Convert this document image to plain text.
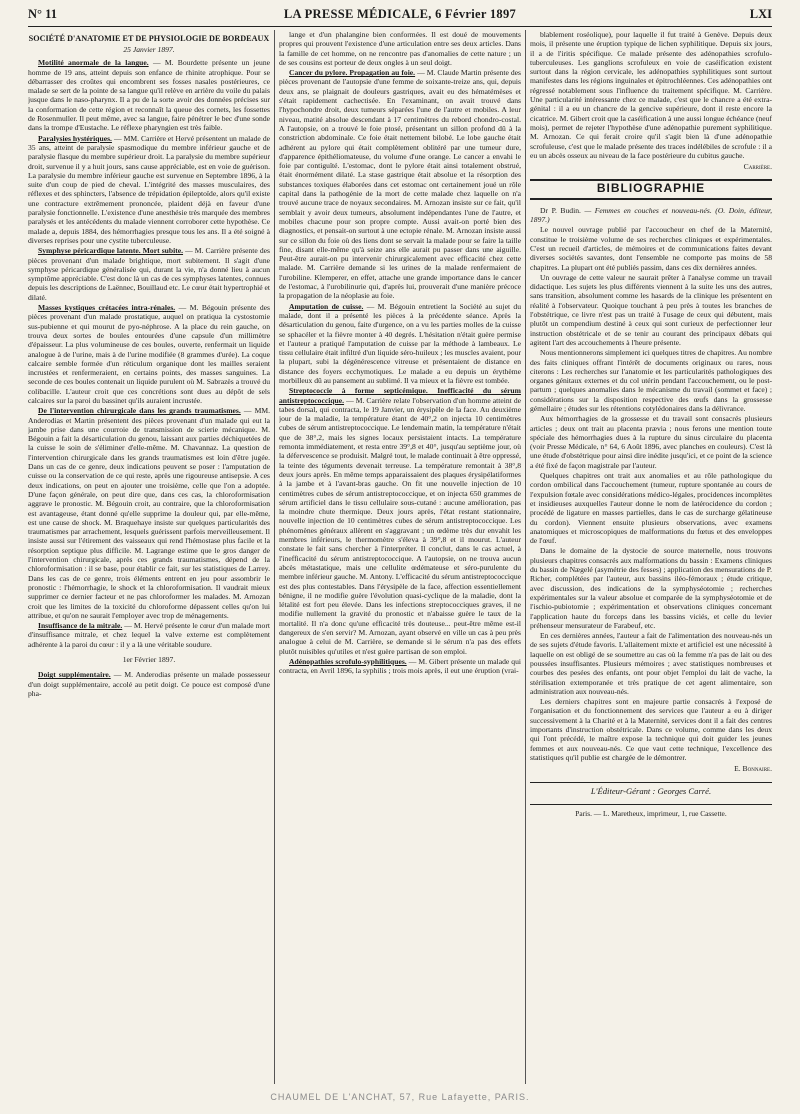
N° 11	LA PRESSE MÉDICALE, 6 Février 1897	LXI

SOCIÉTÉ D'ANATOMIE ET DE PHYSIOLOGIE DE BORDEAUX

25 Janvier 1897.

Motilité anormale de la langue. — M. Bourdette présente un jeune homme de 19 ans, atteint depuis son enfance de rhinite atrophique. Pour se débarrasser des croûtes qui encombrent ses fosses nasales postérieures, ce malade se sert de la pointe de sa langue qu'il relève en arrière du voile du palais jusque dans le naso-pharynx. Il a pu de la sorte avoir des données précises sur la conformation de cette région et reconnaît la queue des cornets, les fossettes de Rosenmuller. Il peut même, avec sa langue, faire pénétrer le bec d'une sonde dans la trompe d'Eustache. Le réflexe pharyngien est très faible.

Paralysies hystériques. — MM. Carrière et Hervé présentent un malade de 35 ans, atteint de paralysie spasmodique du membre inférieur gauche et de paralysie flasque du membre supérieur droit. La paralysie du membre supérieur droit, survenue il y a huit jours, sans cause appréciable, est en voie de guérison. La paralysie du membre inférieur gauche est survenue en Septembre 1896, à la suite d'un coup de pied de cheval. L'intégrité des masses musculaires, des réflexes et des sphincters, l'absence de trépidation épileptoïde, alors qu'il existe une contracture extrêmement prononcée, plaident déjà en faveur d'une paralysie fonctionnelle. L'existence d'une anesthésie très marquée des membres paralysés et les antécédents du malade viennent corroborer cette hypothèse. Ce malade a, depuis 1884, des hémorrhagies presque tous les ans. Il a été soigné à diverses reprises pour une cystite tuberculeuse.

Symphyse péricardique latente. Mort subite. — M. Carrière présente des pièces provenant d'un malade brightique, mort subitement. Il s'agit d'une symphyse péricardique généralisée qui, durant la vie, n'a donné lieu à aucun symptôme appréciable. C'est donc là un cas de ces symphyses latentes, connues depuis les descriptions de Laënnec, Bouillaud etc. Le cœur était hypertrophié et dilaté.

Masses kystiques crétacées intra-rénales. — M. Bégouin présente des pièces provenant d'un malade prostatique, auquel on pratiqua la cystostomie sus-pubienne et qui mourut de pyo-néphrose. A la place du rein gauche, on trouva deux sortes de boules entourées d'une capsule d'un millimètre d'épaisseur. La plus volumineuse de ces boules, ouverte, renfermait un liquide analogue à de l'urine, mais à de l'urine modifiée (8 grammes d'urée). La coque calcaire semble formée d'un réticulum organique dont les mailles seraient incrustées et renfermeraient, en certains points, des masses sanguines. La seconde de ces boules contenait un liquide purulent où M. Sabrazès a trouvé du colibacille. L'auteur croit que ces concrétions sont dues au dépôt de sels calcaires sur la paroi du bassinet qu'ils auraient incrustée.

De l'intervention chirurgicale dans les grands traumatismes. — MM. Anderodias et Martin présentent des pièces provenant d'un malade qui eut la jambe prise dans une courroie de transmission de scierie mécanique. M. Bégouin a fait la désarticulation du genou, laissant aux parties déchiquetées de la cuisse le soin de s'éliminer d'elle-même. M. Chavannaz. La question de l'intervention chirurgicale dans les grands traumatismes est loin d'être jugée. Dans un cas de ce genre, deux indications peuvent se poser : l'amputation de cuisse ou la conservation de ce qui reste, après une rigoureuse antisepsie. A ces deux indications, on peut en ajouter une troisième, celle que l'on a adoptée. D'une façon générale, on peut dire que, dans ces cas, la chloroformisation aggrave le pronostic. M. Bégouin croit, au contraire, que la chloroformisation est avantageuse, étant donné qu'elle supprime la douleur qui, par elle-même, est une cause de shock. M. Braquehaye insiste sur quelques particularités des traumatismes par arrachement, lesquels guérissent parfois merveilleusement. Il insiste aussi sur l'étirement des vaisseaux qui rend l'hémostase plus facile et la résorption septique plus difficile. M. Lagrange estime que le gros danger de l'intervention chirurgicale, après ces grands traumatismes, dépend de la chloroformisation : il se base, pour établir ce fait, sur les statistiques de Larrey. Dans les cas de ce genre, trois éléments entrent en jeu pour assombrir le pronostic : l'hémorrhagie, le shock et la chloroformisation. Il vaudrait mieux supprimer ce dernier facteur et ne pas chloroformer les malades. M. Arnozan croit que les limites de la toxicité du chloroforme dépassent celles qu'on lui attribue, et qu'on ne saurait l'employer avec trop de ménagements.

Insuffisance de la mitrale. — M. Hervé présente le cœur d'un malade mort d'insuffisance mitrale, et chez lequel la valve externe est complètement adhérente à la paroi du cœur : il y a là une véritable soudure.

1er Février 1897.

Doigt supplémentaire. — M. Anderodias présente un malade possesseur d'un doigt supplémentaire, accolé au petit doigt. Ce pouce est composé d'une pha-

lange et d'un phalangine bien conformées. Il est doué de mouvements propres qui prouvent l'existence d'une articulation entre ses deux articles. Dans la famille de cet homme, on ne rencontre pas d'anomalies de cette nature ; un de ses cousins est porteur de deux ongles à un seul doigt.

Cancer du pylore. Propagation au foie. — M. Claude Martin présente des pièces provenant de l'autopsie d'une femme de soixante-treize ans, qui, depuis deux ans, se plaignait de douleurs gastriques, avait eu des hématémèses et s'était rapidement cachectisée. En l'examinant, on avait trouvé dans l'hypochondre droit, deux tumeurs séparées l'une de l'autre et mobiles. A leur niveau, matité absolue descendant à 17 centimètres du rebord chondro-costal. A l'autopsie, on a trouvé le foie ptosé, présentant un sillon profond dû à la constriction abdominale. Ce foie était nettement bilobé. Le lobe gauche était adhérent au pylore qui était complètement oblitéré par une tumeur dure, d'apparence épithéliomateuse, du volume d'une orange. Le cancer a envahi le foie par contiguïté. L'estomac, dont le pylore était ainsi totalement obstrué, était énormément dilaté. La stase gastrique était absolue et la résorption des substances toxiques élaborées dans cet estomac ont certainement joué un rôle capital dans la pathogénie de la mort de cette malade chez laquelle on n'a trouvé aucune trace de noyaux secondaires. M. Arnozan insiste sur ce fait, qu'il semblait y avoir deux tumeurs, absolument indépendantes l'une de l'autre, et mobiles chacune pour son propre compte. Aussi avait-on porté bien des diagnostics, et pensait-on surtout à une ectopie rénale. M. Arnozan insiste aussi sur ce sillon du foie où des liens dont se servait la malade pour se faire la taille fine, disant elle-même qu'à seize ans elle aurait pu passer dans une aiguille. Peut-être aurait-on pu intervenir chirurgicalement avec efficacité chez cette malade. M. Carrière demande si les urines de la malade renfermaient de l'urobiline. Klemperer, en effet, attache une grande importance dans le cancer de l'estomac, à l'urobilinurie qui, d'après lui, prouverait d'une manière précoce la propagation de la néoplasie au foie.

Amputation de cuisse. — M. Bégouin entretient la Société au sujet du malade, dont il a présenté les pièces à la précédente séance. Après la désarticulation du genou, faite d'urgence, on a vu les parties molles de la cuisse se sphacéler et la fièvre monter à 40 degrés. L'hésitation n'était guère permise et l'auteur a pratiqué l'amputation de cuisse par la méthode à lambeaux. Le tissu cellulaire était infiltré d'un liquide séro-huileux ; les muscles avaient, pour la plupart, subi la dégénérescence vitreuse et présentaient de distance en distance des foyers ecchymotiques. Le malade a eu depuis un érythème morbilleux dû au pansement au sublimé. Il va mieux et la fièvre est tombée.

Streptococcie à forme septicémique. Inefficacité du sérum antistreptococcique. — M. Carrière relate l'observation d'un homme atteint de tabes dorsal, qui contracta, le 19 Janvier, un érysipèle de la face. Au deuxième jour de la maladie, la température étant de 40°,2 on injecta 10 centimètres cubes de sérum antistreptococcique. Le lendemain matin, la température n'était que de 38°,2, mais les signes locaux persistaient intacts. La température remonta immédiatement, et resta entre 39°,8 et 40°, jusqu'au septième jour, où la défervescence se produisit. Malgré tout, le malade continuait à être oppressé, la teinte des téguments devenait terreuse. La température remontait à 38°,8 deux jours après. En même temps apparaissaient des plaques érysipélatiformes à la jambe et à l'avant-bras gauche. On fit une nouvelle injection de 10 centimètres cubes de sérum antistreptococcique, et on injecta 650 grammes de sérum artificiel dans le tissu cellulaire sous-cutané : aucune amélioration, pas la moindre chute thermique. Deux jours après, l'état restant stationnaire, nouvelle injection de 10 centimètres cubes de sérum antistreptococcique. Les phénomènes généraux allèrent en s'aggravant ; un œdème très dur envahit les membres inférieurs, le thermomètre s'éleva à 39°,8 et il mourut. L'auteur constate le fait sans chercher à l'interpréter. Il conclut, dans le cas actuel, à l'inefficacité du sérum antistreptococcique. A l'autopsie, on ne trouva aucun abcès métastatique, mais une cellulite œdémateuse et séro-purulente du membre inférieur gauche. M. Antony. L'efficacité du sérum antistreptococcique est des plus contestables. Dans l'érysipèle de la face, affection essentiellement bénigne, il ne modifie guère l'évolution quasi-cyclique de la maladie, dont la létalité est fort peu élevée. Dans les infections streptococciques graves, il ne modifie nullement la gravité du pronostic et n'abaisse guère le taux de la mortalité. Il n'a donc qu'une efficacité très douteuse... peut-être même est-il dangereux de s'en servir? M. Arnozan, ayant observé en ville un cas à peu près analogue à celui de M. Carrière, se demande si le sérum n'a pas des effets plutôt nuisibles qu'utiles et n'est guère partisan de son emploi.

Adénopathies scrofulo-syphilitiques. — M. Gibert présente un malade qui contracta, en Avril 1896, la syphilis ; trois mois après, il eut une éruption (vrai-

blablement roséolique), pour laquelle il fut traité à Genève. Depuis deux mois, il présente une éruption typique de lichen syphilitique. Depuis six jours, il a de l'iritis spécifique. Ce malade présente des adénopathies scrofulo-tuberculeuses. Les ganglions scrofuleux en voie de caséification existent surtout dans la région cervicale, les adénopathies syphilitiques sont surtout manifestes dans les régions inguinales et épitrochléennes. Ces adénopathies ont régressé notablement sous l'influence du traitement spécifique. M. Carrière. Une particularité intéressante chez ce malade, c'est que le chancre a été extra-génital : il a eu un chancre de la gencive supérieure, dont il reste encore la cicatrice. M. Gibert croit que la caséification à une aussi longue échéance (neuf mois), permet de rejeter l'hypothèse d'une adénopathie purement syphilitique. M. Arnozan. Ce qui ferait croire qu'il s'agit bien là d'une adénopathie scrofuleuse, c'est que le malade présente des traces indélébiles de scrofule : il a eu un abcès osseux au niveau de la face postérieure du cubitus gauche.

Carrière.

BIBLIOGRAPHIE

Dr P. Budin. — Femmes en couches et nouveau-nés. (O. Doin, éditeur, 1897.)

Le nouvel ouvrage publié par l'accoucheur en chef de la Maternité, constitue le troisième volume de ses recherches cliniques et expérimentales. C'est un recueil d'articles, de mémoires et de communications faites devant diverses sociétés savantes, dont l'ensemble ne comporte pas moins de 58 chapitres. La plupart ont été publiés passim, dans ces dix dernières années.

Un ouvrage de cette valeur ne saurait prêter à l'analyse comme un travail didactique. Les sujets les plus différents viennent à la suite les uns des autres, sans transition, absolument comme les hasards de la clinique les présentent en réalité à l'observateur. Quoique touchant à peu près à toutes les branches de l'obstétrique, ce livre n'est pas un traité à l'usage de ceux qui débutent, mais plutôt un compendium destiné à ceux qui sont curieux de perfectionner leur instruction obstétricale et de se tenir au courant des principaux débats qui agitent l'art des accouchements à l'heure présente.

Nous mentionnerons simplement ici quelques titres de chapitres. Au nombre des faits cliniques offrant l'intérêt de documents originaux ou rares, nous citerons : Les recherches sur l'anatomie et les particularités pathologiques des organes génitaux externes et du col utérin pendant l'accouchement, ou le post-partum ; quelques anomalies dans le mécanisme du travail (sommet et face) ; considérations sur la disposition respective des œufs dans la grossesse gémellaire ; études sur les rétentions cotylédonaires dans la délivrance.

Aux hémorrhagies de la grossesse et du travail sont consacrés plusieurs articles ; deux ont trait au placenta prævia ; nous ferons une mention toute spéciale des hémorrhagies dues à la rupture du sinus circulaire du placenta (voir Presse Médicale, n° 64, 6 Août 1896, avec planches en couleurs). C'est là une étude d'obstétrique pour ainsi dire inédite jusqu'ici, et ce point de la science a été fixé de façon magistrale par l'auteur.

Quelques chapitres ont trait aux anomalies et au rôle pathologique du cordon ombilical dans l'accouchement (tumeur, rupture spontanée au cours de l'expulsion fœtale avec considérations médico-légales, procidences incomplètes et insidieuses auxquelles l'auteur donne le nom de latérocidence du cordon ; procédé de ligature en masses partielles, dans le cas de surcharge gélatineuse du cordon). Viennent ensuite plusieurs observations, avec examens anatomiques et microscopiques de malformations du fœtus et des enveloppes de l'œuf.

Dans le domaine de la dystocie de source maternelle, nous trouvons plusieurs chapitres consacrés aux malformations du bassin : Examens cliniques du bassin de Nægelé (asymétrie des fesses) ; application des mensurations de P. Richer, complétées par l'auteur, aux bassins iléo-fémoraux ; étude critique, avec discussion, des indications de la symphyséotomie ; recherches expérimentales sur la valeur absolue et comparée de la symphyséotomie et de l'ischio-pubiotomie ; expérimentation et observations cliniques concernant l'application haute du forceps dans les bassins viciés, et celle du levier préhenseur mensurateur de Farabeuf, etc.

En ces dernières années, l'auteur a fait de l'alimentation des nouveau-nés un de ses sujets d'étude favoris. L'allaitement mixte et artificiel est une nécessité à laquelle on est obligé de se soumettre au cas où la femme n'a pas de lait ou des poussées insuffisantes. Plusieurs mémoires ; avec statistiques nombreuses et courbes des pesées des enfants, ont pour objet l'emploi du lait de vache, la stérilisation extemporanée et très pratique de cet agent alimentaire, son administration aux nouveau-nés.

Les derniers chapitres sont en majeure partie consacrés à l'exposé de l'organisation et du fonctionnement des services que l'auteur a eu à diriger successivement à la Charité et à la Maternité, services dont il a fait des centres importants d'instruction obstétricale. Dans ce volume, comme dans les deux qui l'ont précédé, le maître expose la technique qui doit guider les jeunes femmes et aux nouveau-nés. Ce que vaut cette technique, l'excellence des statistiques qu'il publie est chargée de le démontrer.

E. Bonnaire.

L'Éditeur-Gérant : Georges Carré.

Paris. — L. Maretheux, imprimeur, 1, rue Cassette.

CHAUMEL DE L'ANCHAT, 57, Rue Lafayette, PARIS.
